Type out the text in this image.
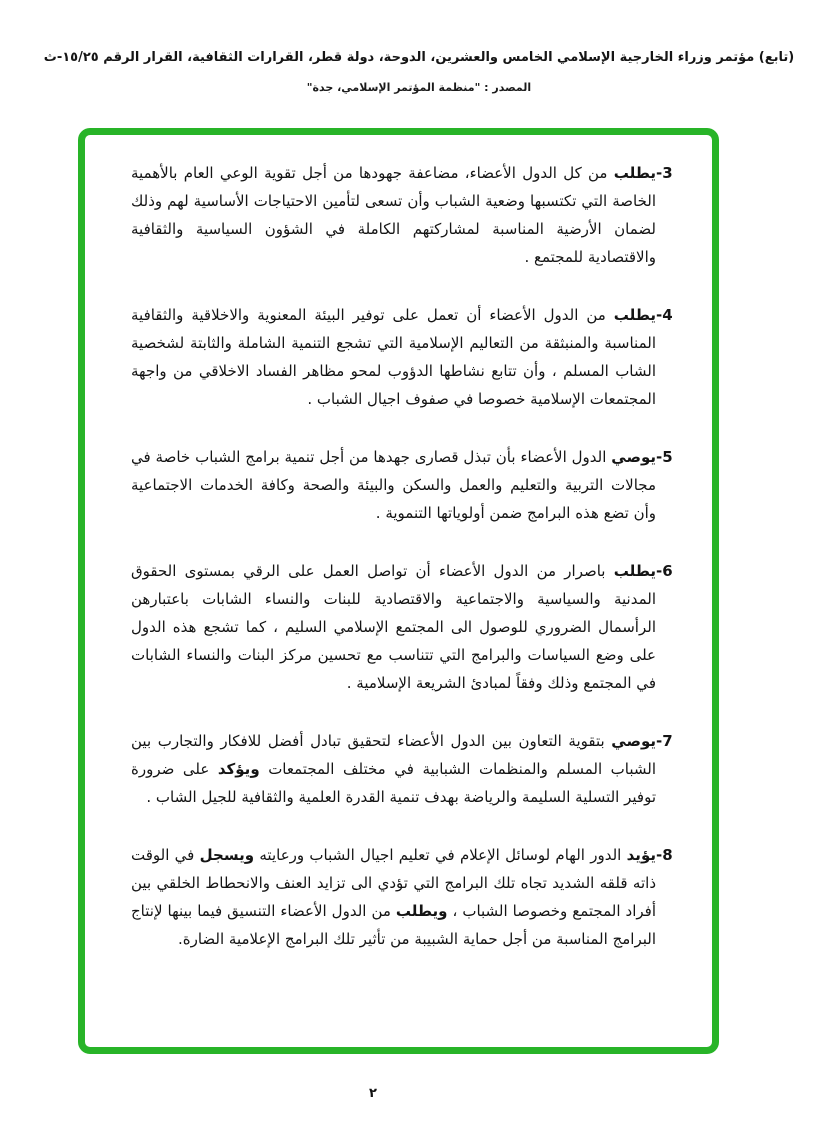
(تابع) مؤتمر وزراء الخارجية الإسلامي الخامس والعشرين، الدوحة، دولة قطر، القرارات الثقافية، القرار الرقم ١٥/٢٥-ث
المصدر : "منظمة المؤتمر الإسلامي، جدة"
-3
يطلب من كل الدول الأعضاء، مضاعفة جهودها من أجل تقوية الوعي العام بالأهمية الخاصة التي تكتسبها وضعية الشباب وأن تسعى لتأمين الاحتياجات الأساسية لهم وذلك لضمان الأرضية المناسبة لمشاركتهم الكاملة في الشؤون السياسية والثقافية والاقتصادية للمجتمع .
-4
يطلب من الدول الأعضاء أن تعمل على توفير البيئة المعنوية والاخلاقية والثقافية المناسبة والمنبثقة من التعاليم الإسلامية التي تشجع التنمية الشاملة والثابتة لشخصية الشاب المسلم ، وأن تتابع نشاطها الدؤوب لمحو مظاهر الفساد الاخلاقي من واجهة المجتمعات الإسلامية خصوصا في صفوف اجيال الشباب .
-5
يوصي الدول الأعضاء بأن تبذل قصارى جهدها من أجل تنمية برامج الشباب خاصة في مجالات التربية والتعليم والعمل والسكن والبيئة والصحة وكافة الخدمات الاجتماعية وأن تضع هذه البرامج ضمن أولوياتها التنموية .
-6
يطلب باصرار من الدول الأعضاء أن تواصل العمل على الرقي بمستوى الحقوق المدنية والسياسية والاجتماعية والاقتصادية للبنات والنساء الشابات باعتبارهن الرأسمال الضروري للوصول الى المجتمع الإسلامي السليم ، كما تشجع هذه الدول على وضع السياسات والبرامج التي تتناسب مع تحسين مركز البنات والنساء الشابات في المجتمع وذلك وفقاً لمبادئ الشريعة الإسلامية .
-7
يوصي بتقوية التعاون بين الدول الأعضاء لتحقيق تبادل أفضل للافكار والتجارب بين الشباب المسلم والمنظمات الشبابية في مختلف المجتمعات ويؤكد على ضرورة توفير التسلية السليمة والرياضة بهدف تنمية القدرة العلمية والثقافية للجيل الشاب .
-8
يؤيد الدور الهام لوسائل الإعلام في تعليم اجيال الشباب ورعايته ويسجل في الوقت ذاته قلقه الشديد تجاه تلك البرامج التي تؤدي الى تزايد العنف والانحطاط الخلقي بين أفراد المجتمع وخصوصا الشباب ، ويطلب من الدول الأعضاء التنسيق فيما بينها لإنتاج البرامج المناسبة من أجل حماية الشبيبة من تأثير تلك البرامج الإعلامية الضارة.
٢
